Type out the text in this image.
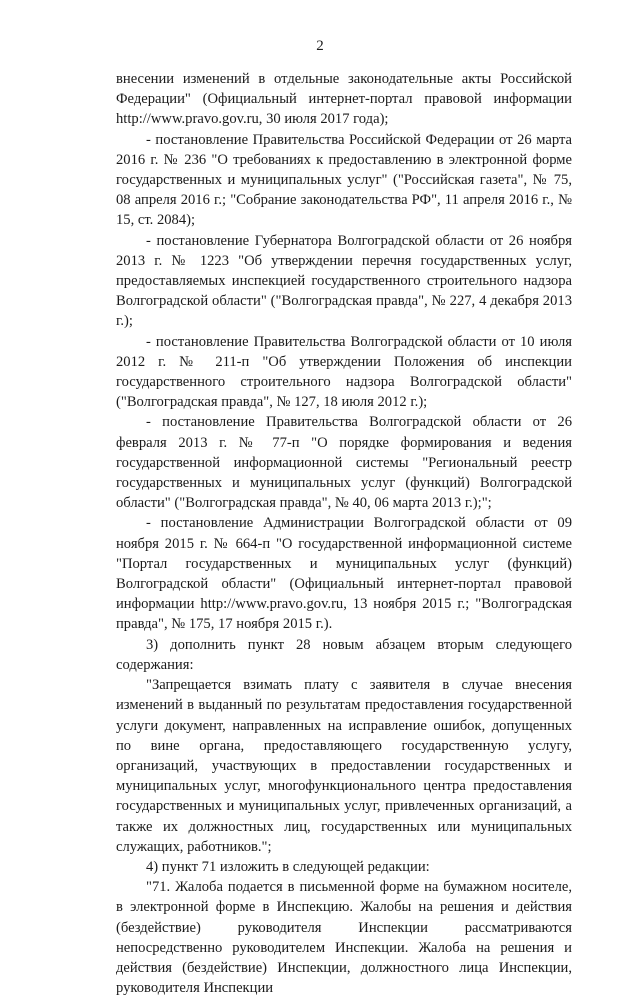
2

внесении изменений в отдельные законодательные акты Российской Федерации" (Официальный интернет-портал правовой информации http://www.pravo.gov.ru, 30 июля 2017 года);

- постановление Правительства Российской Федерации от 26 марта 2016 г. № 236 "О требованиях к предоставлению в электронной форме государственных и муниципальных услуг" ("Российская газета", № 75, 08 апреля 2016 г.; "Собрание законодательства РФ", 11 апреля 2016 г., № 15, ст. 2084);

- постановление Губернатора Волгоградской области от 26 ноября 2013 г. № 1223 "Об утверждении перечня государственных услуг, предоставляемых инспекцией государственного строительного надзора Волгоградской области" ("Волгоградская правда", № 227, 4 декабря 2013 г.);

- постановление Правительства Волгоградской области от 10 июля 2012 г. № 211-п "Об утверждении Положения об инспекции государственного строительного надзора Волгоградской области" ("Волгоградская правда", № 127, 18 июля 2012 г.);

- постановление Правительства Волгоградской области от 26 февраля 2013 г. № 77-п "О порядке формирования и ведения государственной информационной системы "Региональный реестр государственных и муниципальных услуг (функций) Волгоградской области" ("Волгоградская правда", № 40, 06 марта 2013 г.);";

- постановление Администрации Волгоградской области от 09 ноября 2015 г. № 664-п "О государственной информационной системе "Портал государственных и муниципальных услуг (функций) Волгоградской области" (Официальный интернет-портал правовой информации http://www.pravo.gov.ru, 13 ноября 2015 г.; "Волгоградская правда", № 175, 17 ноября 2015 г.).

3) дополнить пункт 28 новым абзацем вторым следующего содержания:

"Запрещается взимать плату с заявителя в случае внесения изменений в выданный по результатам предоставления государственной услуги документ, направленных на исправление ошибок, допущенных по вине органа, предоставляющего государственную услугу, организаций, участвующих в предоставлении государственных и муниципальных услуг, многофункционального центра предоставления государственных и муниципальных услуг, привлеченных организаций, а также их должностных лиц, государственных или муниципальных служащих, работников.";

4) пункт 71 изложить в следующей редакции:

"71. Жалоба подается в письменной форме на бумажном носителе, в электронной форме в Инспекцию. Жалобы на решения и действия (бездействие) руководителя Инспекции рассматриваются непосредственно руководителем Инспекции. Жалоба на решения и действия (бездействие) Инспекции, должностного лица Инспекции, руководителя Инспекции
